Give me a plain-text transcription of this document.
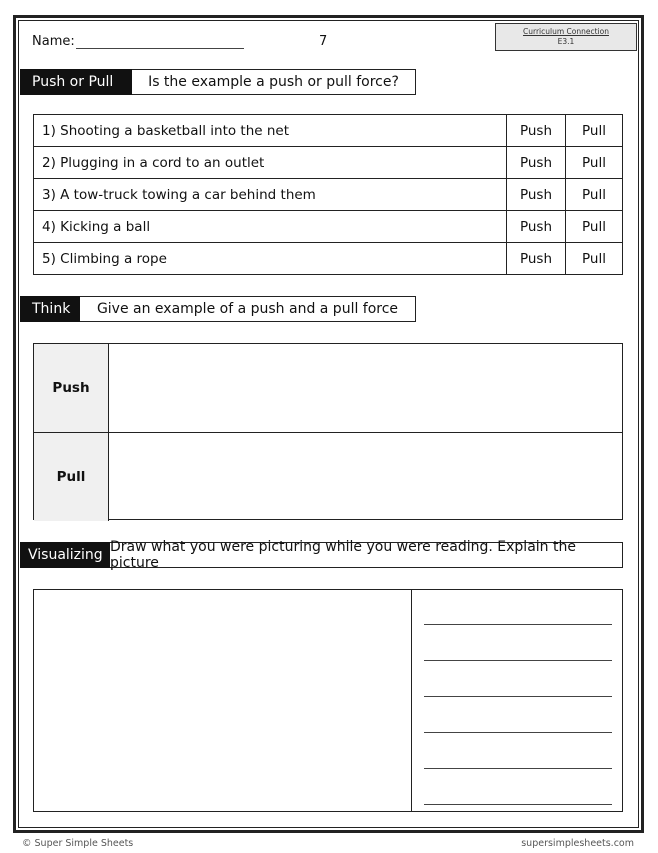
Name:	7
Curriculum Connection
E3.1
Push or Pull	Is the example a push or pull force?
1) Shooting a basketball into the net	Push	Pull
2) Plugging in a cord to an outlet	Push	Pull
3) A tow-truck towing a car behind them	Push	Pull
4) Kicking a ball	Push	Pull
5) Climbing a rope	Push	Pull
Think	Give an example of a push and a pull force
Push
Pull
Visualizing Draw what you were picturing while you were reading. Explain the picture
© Super Simple Sheets	supersimplesheets.com
